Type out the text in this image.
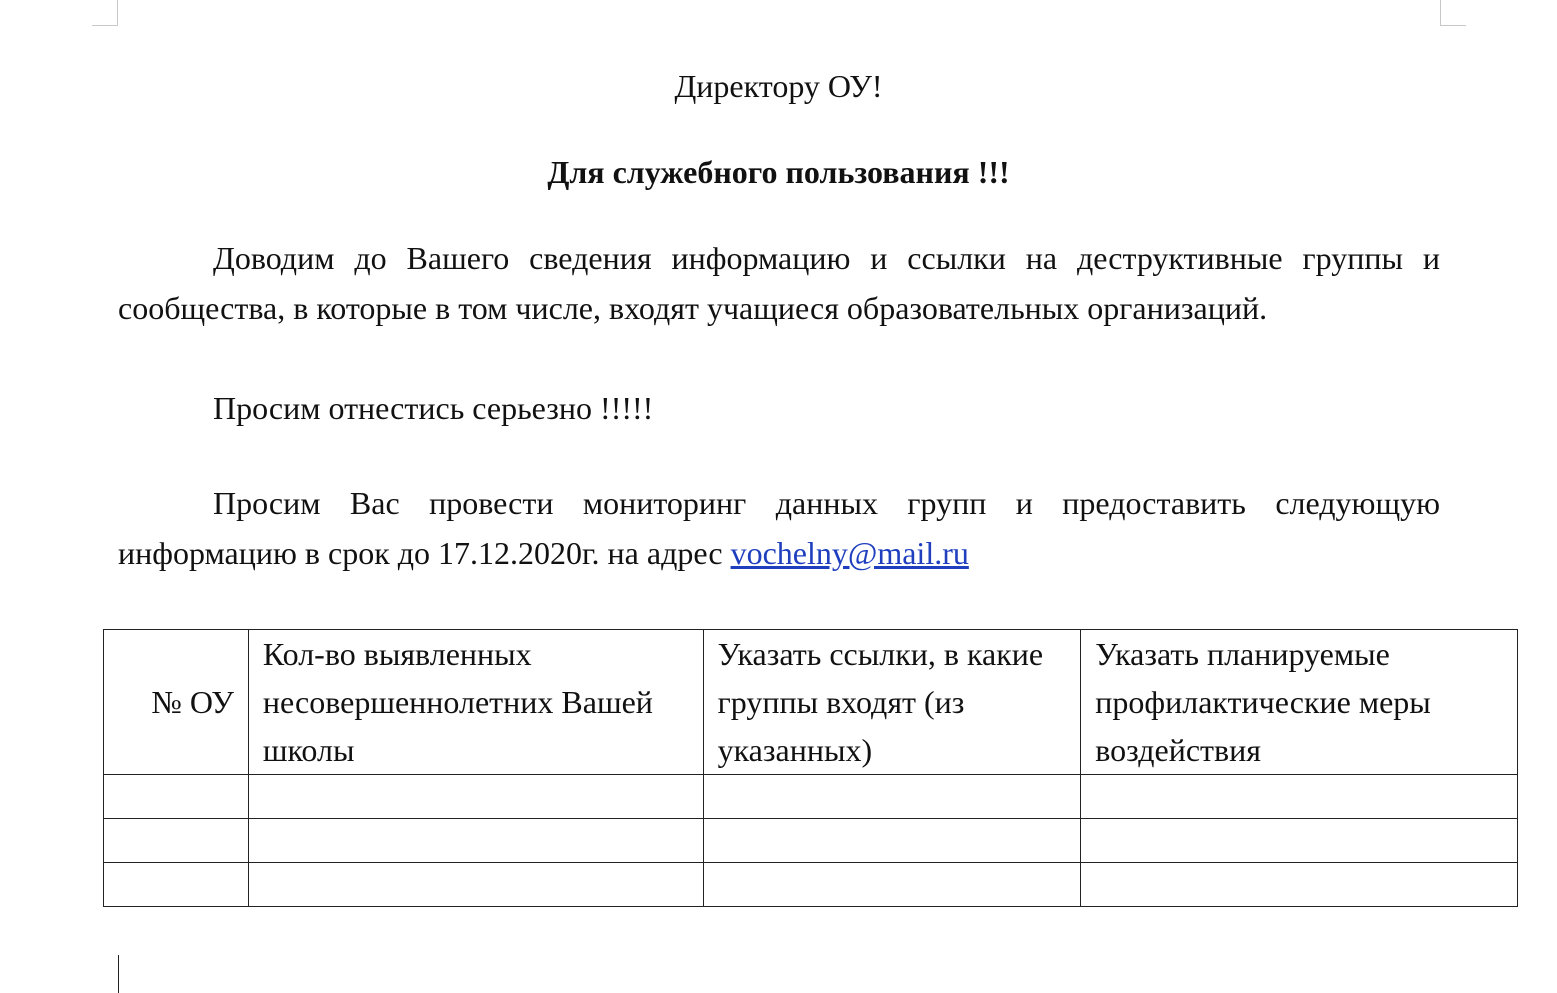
Директору ОУ!
Для служебного пользования !!!

Доводим до Вашего сведения информацию и ссылки на деструктивные группы и сообщества, в которые в том числе, входят учащиеся образовательных организаций.

Просим отнестись серьезно !!!!!

Просим Вас провести мониторинг данных групп и предоставить следующую информацию в срок до 17.12.2020г. на адрес vochelny@mail.ru

№ ОУ	Кол-во выявленных несовершеннолетних Вашей школы	Указать ссылки, в какие группы входят (из указанных)	Указать планируемые профилактические меры воздействия
